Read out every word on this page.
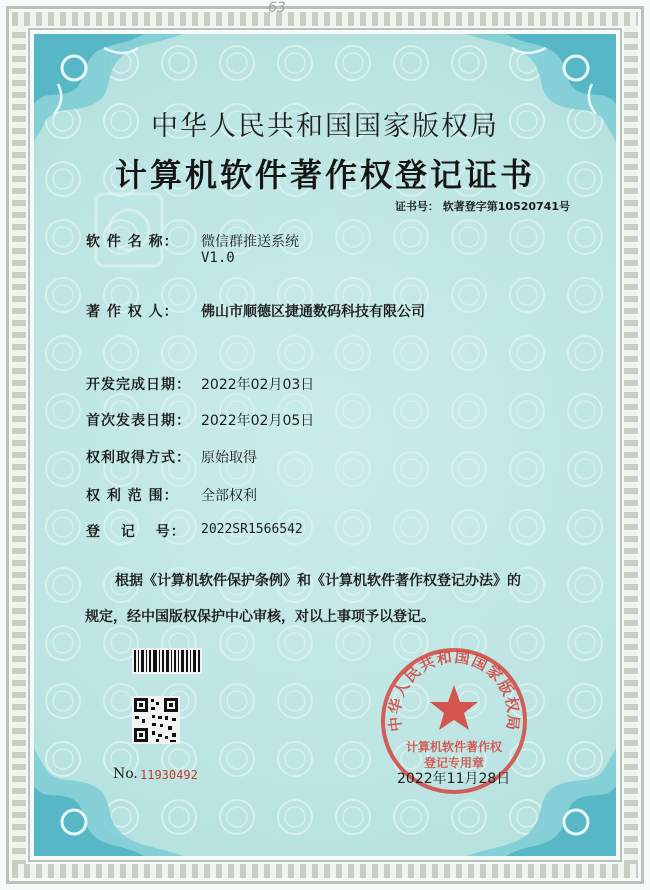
63
中华人民共和国国家版权局
计算机软件著作权登记证书
证书号： 软著登字第10520741号
软 件 名 称： 微信群推送系统
V1.0
著 作 权 人： 佛山市顺德区捷通数码科技有限公司
开发完成日期： 2022年02月03日
首次发表日期： 2022年02月05日
权利取得方式： 原始取得
权 利 范 围： 全部权利
登 记 号： 2022SR1566542
根据《计算机软件保护条例》和《计算机软件著作权登记办法》的
规定，经中国版权保护中心审核，对以上事项予以登记。
中华人民共和国国家版权局
计算机软件著作权
登记专用章
No. 11930492	2022年11月28日
